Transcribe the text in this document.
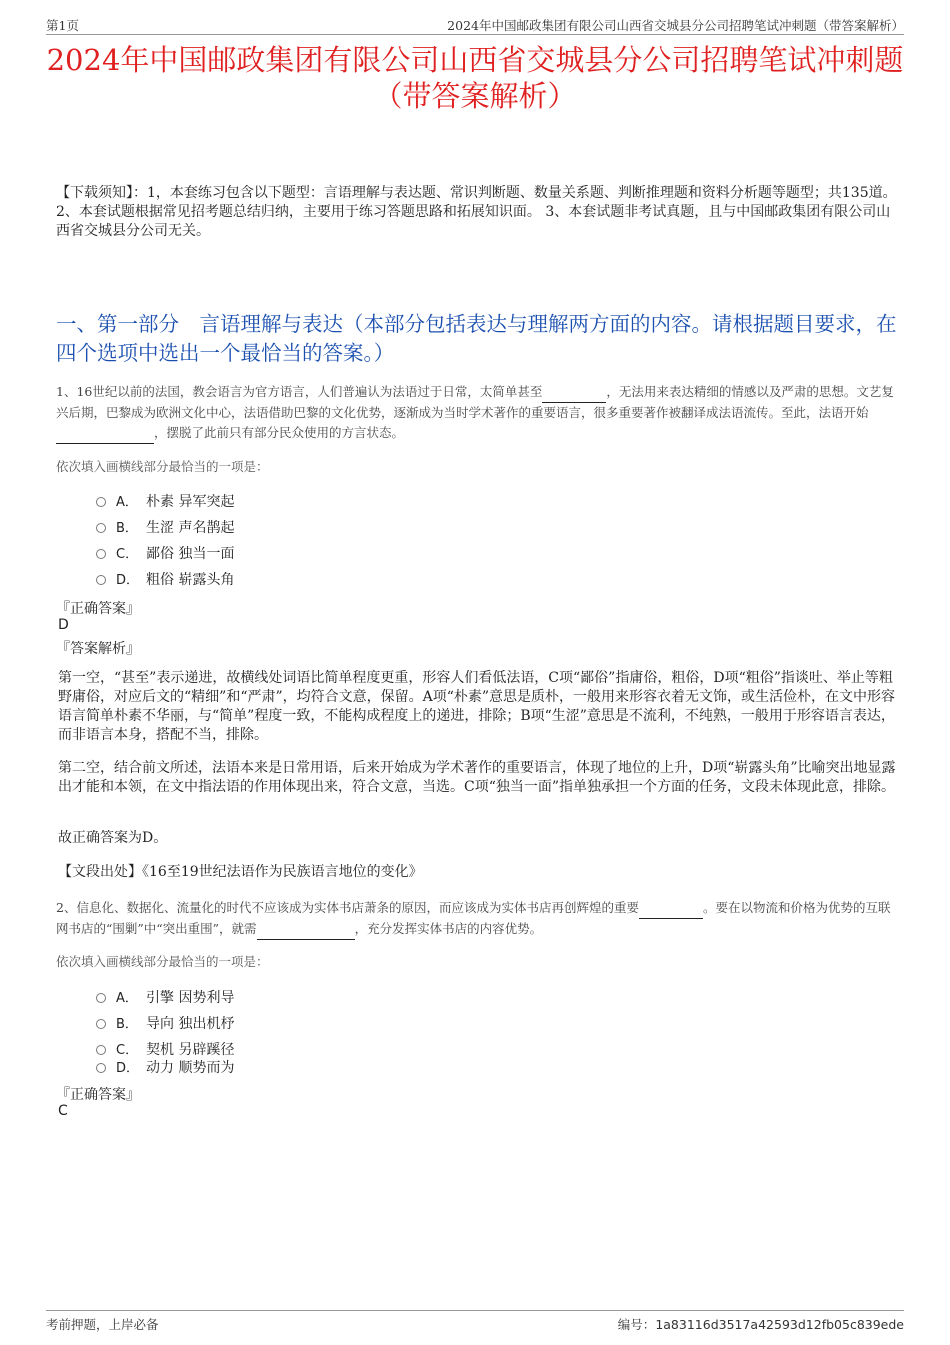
第1页	2024年中国邮政集团有限公司山西省交城县分公司招聘笔试冲刺题（带答案解析）
2024年中国邮政集团有限公司山西省交城县分公司招聘笔试冲刺题（带答案解析）
【下载须知】：1，本套练习包含以下题型：言语理解与表达题、常识判断题、数量关系题、判断推理题和资料分析题等题型；共135道。 2、本套试题根据常见招考题总结归纳，主要用于练习答题思路和拓展知识面。 3、本套试题非考试真题，且与中国邮政集团有限公司山西省交城县分公司无关。
一、第一部分　言语理解与表达（本部分包括表达与理解两方面的内容。请根据题目要求，在四个选项中选出一个最恰当的答案。）
1、16世纪以前的法国，教会语言为官方语言，人们普遍认为法语过于日常，太简单甚至	，无法用来表达精细的情感以及严肃的思想。文艺复兴后期，巴黎成为欧洲文化中心，法语借助巴黎的文化优势，逐渐成为当时学术著作的重要语言，很多重要著作被翻译成法语流传。至此，法语开始 ，摆脱了此前只有部分民众使用的方言状态。
依次填入画横线部分最恰当的一项是：
A． 朴素 异军突起
B． 生涩 声名鹊起
C． 鄙俗 独当一面
D． 粗俗 崭露头角
『正确答案』
D
『答案解析』
第一空，“甚至”表示递进，故横线处词语比简单程度更重，形容人们看低法语，C项“鄙俗”指庸俗，粗俗，D项“粗俗”指谈吐、举止等粗野庸俗，对应后文的“精细”和“严肃”，均符合文意，保留。A项“朴素”意思是质朴，一般用来形容衣着无文饰，或生活俭朴，在文中形容语言简单朴素不华丽，与“简单”程度一致，不能构成程度上的递进，排除；B项“生涩”意思是不流利，不纯熟，一般用于形容语言表达，而非语言本身，搭配不当，排除。
第二空，结合前文所述，法语本来是日常用语，后来开始成为学术著作的重要语言，体现了地位的上升，D项“崭露头角”比喻突出地显露出才能和本领，在文中指法语的作用体现出来，符合文意，当选。C项“独当一面”指单独承担一个方面的任务，文段未体现此意，排除。
故正确答案为D。
【文段出处】《16至19世纪法语作为民族语言地位的变化》
2、信息化、数据化、流量化的时代不应该成为实体书店萧条的原因，而应该成为实体书店再创辉煌的重要	。要在以物流和价格为优势的互联网书店的“围剿”中“突出重围”，就需	，充分发挥实体书店的内容优势。
依次填入画横线部分最恰当的一项是：
A． 引擎 因势利导
B． 导向 独出机杼
C． 契机 另辟蹊径
D． 动力 顺势而为
『正确答案』
C
考前押题，上岸必备	编号：1a83116d3517a42593d12fb05c839ede
